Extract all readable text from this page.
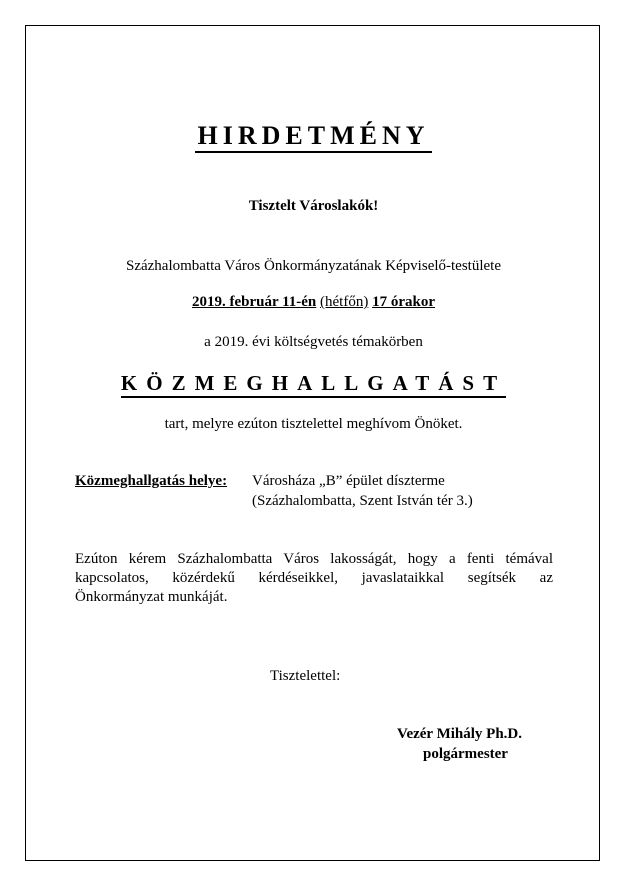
HIRDETMÉNY
Tisztelt Városlakók!
Százhalombatta Város Önkormányzatának Képviselő-testülete
2019. február 11-én (hétfőn) 17 órakor
a 2019. évi költségvetés témakörben
KÖZMEGHALLGATÁST
tart, melyre ezúton tisztelettel meghívom Önöket.
Közmeghallgatás helye: Városháza „B” épület díszterme
(Százhalombatta, Szent István tér 3.)
Ezúton kérem Százhalombatta Város lakosságát, hogy a fenti témával
kapcsolatos, közérdekű kérdéseikkel, javaslataikkal segítsék az
Önkormányzat munkáját.
Tisztelettel:
Vezér Mihály Ph.D.
polgármester
